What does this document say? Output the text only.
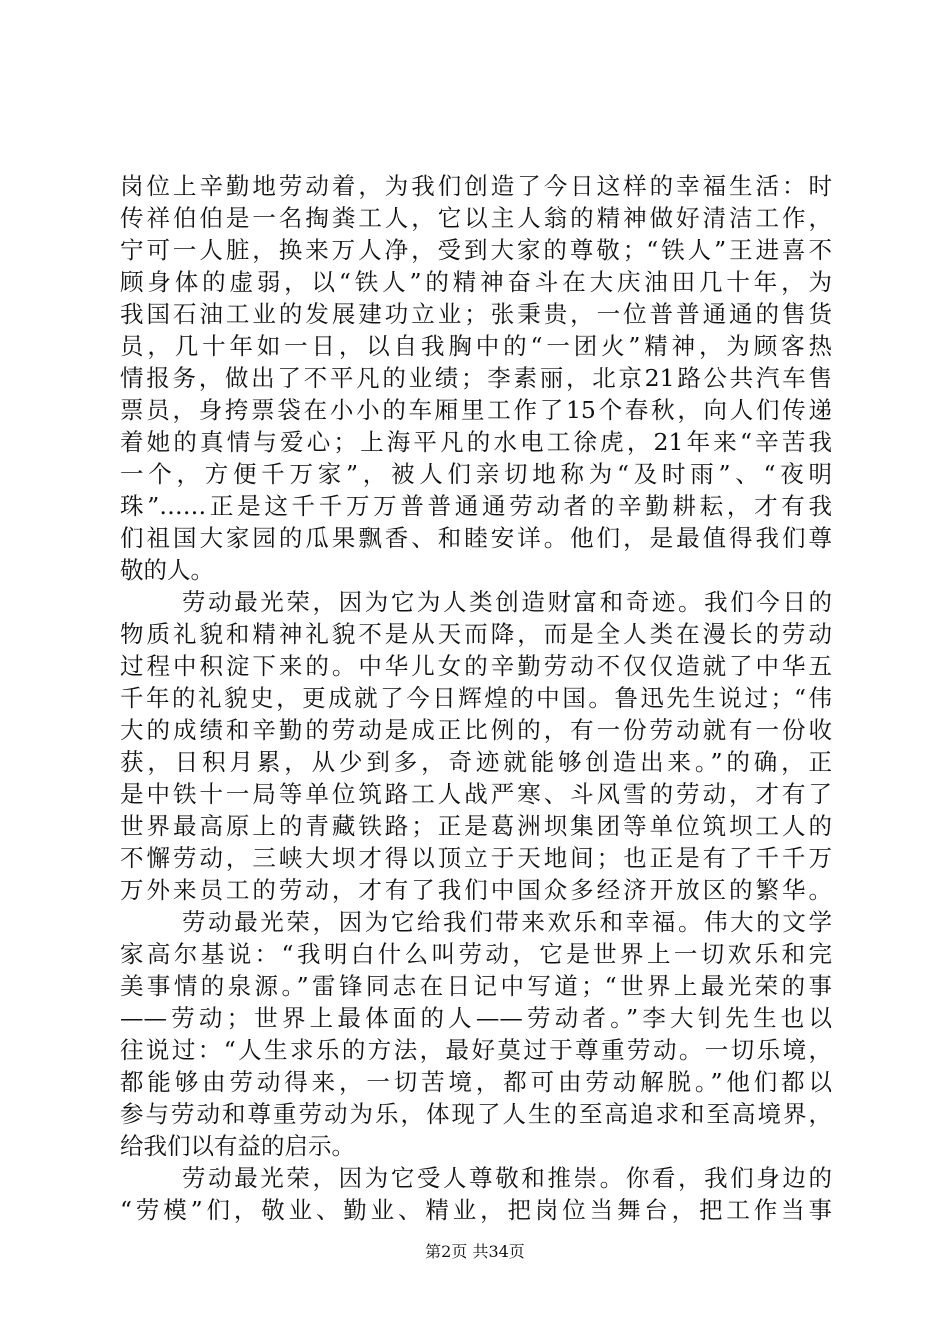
岗位上辛勤地劳动着，为我们创造了今日这样的幸福生活：时
传祥伯伯是一名掏粪工人，它以主人翁的精神做好清洁工作，
宁可一人脏，换来万人净，受到大家的尊敬；“铁人”王进喜不
顾身体的虚弱，以“铁人”的精神奋斗在大庆油田几十年，为
我国石油工业的发展建功立业；张秉贵，一位普普通通的售货
员，几十年如一日，以自我胸中的“一团火”精神，为顾客热
情报务，做出了不平凡的业绩；李素丽，北京21路公共汽车售
票员，身挎票袋在小小的车厢里工作了15个春秋，向人们传递
着她的真情与爱心；上海平凡的水电工徐虎，21年来“辛苦我
一个，方便千万家”，被人们亲切地称为“及时雨”、“夜明
珠”……正是这千千万万普普通通劳动者的辛勤耕耘，才有我
们祖国大家园的瓜果飘香、和睦安详。他们，是最值得我们尊
敬的人。
劳动最光荣，因为它为人类创造财富和奇迹。我们今日的
物质礼貌和精神礼貌不是从天而降，而是全人类在漫长的劳动
过程中积淀下来的。中华儿女的辛勤劳动不仅仅造就了中华五
千年的礼貌史，更成就了今日辉煌的中国。鲁迅先生说过；“伟
大的成绩和辛勤的劳动是成正比例的，有一份劳动就有一份收
获，日积月累，从少到多，奇迹就能够创造出来。”的确，正
是中铁十一局等单位筑路工人战严寒、斗风雪的劳动，才有了
世界最高原上的青藏铁路；正是葛洲坝集团等单位筑坝工人的
不懈劳动，三峡大坝才得以顶立于天地间；也正是有了千千万
万外来员工的劳动，才有了我们中国众多经济开放区的繁华。
劳动最光荣，因为它给我们带来欢乐和幸福。伟大的文学
家高尔基说：“我明白什么叫劳动，它是世界上一切欢乐和完
美事情的泉源。”雷锋同志在日记中写道；“世界上最光荣的事
——劳动；世界上最体面的人——劳动者。”李大钊先生也以
往说过：“人生求乐的方法，最好莫过于尊重劳动。一切乐境，
都能够由劳动得来，一切苦境，都可由劳动解脱。”他们都以
参与劳动和尊重劳动为乐，体现了人生的至高追求和至高境界，
给我们以有益的启示。
劳动最光荣，因为它受人尊敬和推崇。你看，我们身边的
“劳模”们，敬业、勤业、精业，把岗位当舞台，把工作当事
第2页 共34页
